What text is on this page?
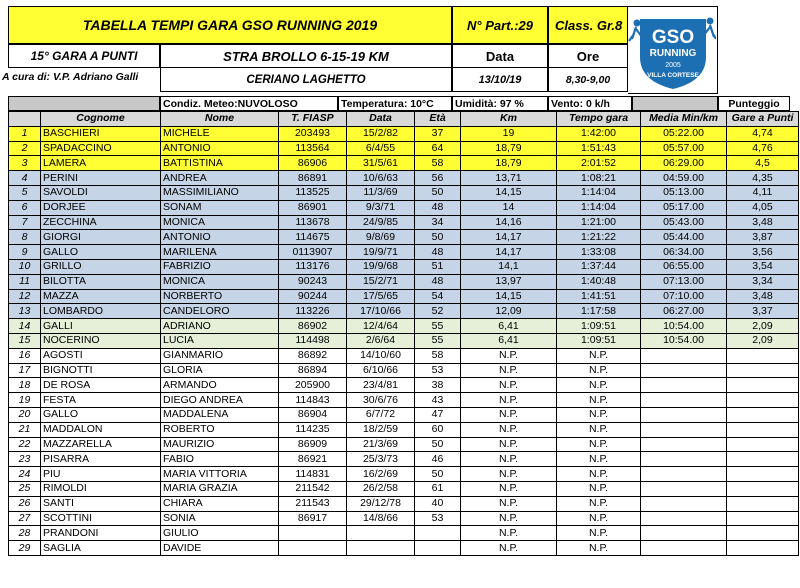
TABELLA TEMPI GARA GSO RUNNING 2019	N° Part.:29	Class. Gr.8
15° GARA A PUNTI	STRA BROLLO 6-15-19 KM	Data	Ore
A cura di: V.P. Adriano Galli	CERIANO LAGHETTO	13/10/19	8,30-9,00
GSO
RUNNING
2005
VILLA CORTESE
Condiz. Meteo:NUVOLOSO	Temperatura: 10°C	Umidità: 97 %	Vento: 0 k/h	Punteggio
	Cognome	Nome	T. FIASP	Data	Età	Km	Tempo gara	Media Min/km	Gare a Punti
1	BASCHIERI	MICHELE	203493	15/2/82	37	19	1:42:00	05:22.00	4,74
2	SPADACCINO	ANTONIO	113564	6/4/55	64	18,79	1:51:43	05:57.00	4,76
3	LAMERA	BATTISTINA	86906	31/5/61	58	18,79	2:01:52	06:29.00	4,5
4	PERINI	ANDREA	86891	10/6/63	56	13,71	1:08:21	04:59.00	4,35
5	SAVOLDI	MASSIMILIANO	113525	11/3/69	50	14,15	1:14:04	05:13.00	4,11
6	DORJEE	SONAM	86901	9/3/71	48	14	1:14:04	05:17.00	4,05
7	ZECCHINA	MONICA	113678	24/9/85	34	14,16	1:21:00	05:43.00	3,48
8	GIORGI	ANTONIO	114675	9/8/69	50	14,17	1:21:22	05:44.00	3,87
9	GALLO	MARILENA	0113907	19/9/71	48	14,17	1:33:08	06:34.00	3,56
10	GRILLO	FABRIZIO	113176	19/9/68	51	14,1	1:37:44	06:55.00	3,54
11	BILOTTA	MONICA	90243	15/2/71	48	13,97	1:40:48	07:13.00	3,34
12	MAZZA	NORBERTO	90244	17/5/65	54	14,15	1:41:51	07:10.00	3,48
13	LOMBARDO	CANDELORO	113226	17/10/66	52	12,09	1:17:58	06:27.00	3,37
14	GALLI	ADRIANO	86902	12/4/64	55	6,41	1:09:51	10:54.00	2,09
15	NOCERINO	LUCIA	114498	2/6/64	55	6,41	1:09:51	10:54.00	2,09
16	AGOSTI	GIANMARIO	86892	14/10/60	58	N.P.	N.P.		
17	BIGNOTTI	GLORIA	86894	6/10/66	53	N.P.	N.P.		
18	DE ROSA	ARMANDO	205900	23/4/81	38	N.P.	N.P.		
19	FESTA	DIEGO ANDREA	114843	30/6/76	43	N.P.	N.P.		
20	GALLO	MADDALENA	86904	6/7/72	47	N.P.	N.P.		
21	MADDALON	ROBERTO	114235	18/2/59	60	N.P.	N.P.		
22	MAZZARELLA	MAURIZIO	86909	21/3/69	50	N.P.	N.P.		
23	PISARRA	FABIO	86921	25/3/73	46	N.P.	N.P.		
24	PIU	MARIA VITTORIA	114831	16/2/69	50	N.P.	N.P.		
25	RIMOLDI	MARIA GRAZIA	211542	26/2/58	61	N.P.	N.P.		
26	SANTI	CHIARA	211543	29/12/78	40	N.P.	N.P.		
27	SCOTTINI	SONIA	86917	14/8/66	53	N.P.	N.P.		
28	PRANDONI	GIULIO				N.P.	N.P.		
29	SAGLIA	DAVIDE				N.P.	N.P.		
